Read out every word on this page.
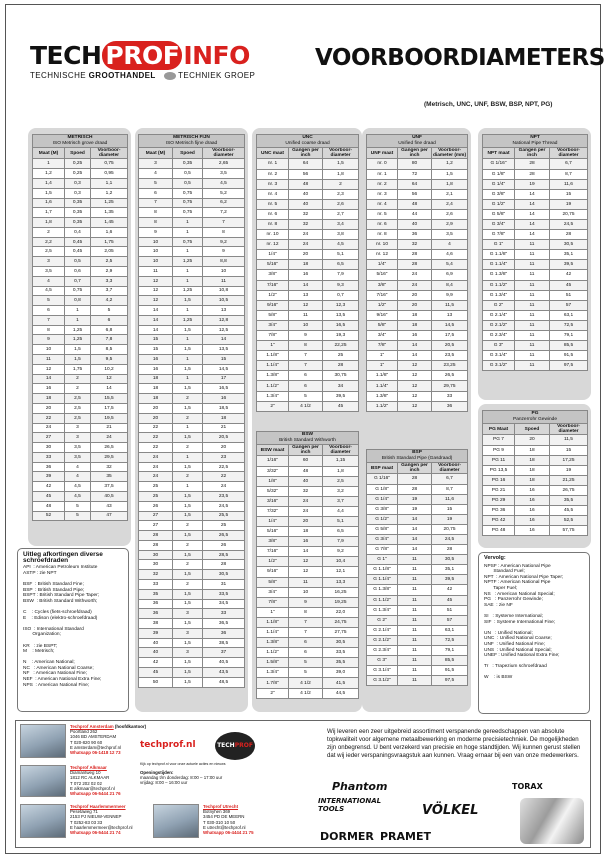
TECH PROF INFO
TECHNISCHE GROOTHANDEL	TECHNIEK GROEP
VOORBOORDIAMETERS
(Metrisch, UNC, UNF, BSW, BSP, NPT, PG)
METRISCH
ISO Metrisch grove draad		

Maat (M)	Spoed	Voorboor-diameter
1	0,25	0,75
1,2	0,25	0,95
1,4	0,3	1,1
1,5	0,3	1,2
1,6	0,35	1,25
1,7	0,35	1,35
1,8	0,35	1,45
2	0,4	1,6
2,2	0,45	1,75
2,5	0,45	2,05
3	0,5	2,5
3,5	0,6	2,9
4	0,7	3,3
4,5	0,75	3,7
5	0,8	4,2
6	1	5
7	1	6
8	1,25	6,8
9	1,25	7,8
10	1,5	8,5
11	1,5	9,5
12	1,75	10,2
14	2	12
16	2	14
18	2,5	15,5
20	2,5	17,5
22	2,5	19,5
24	3	21
27	3	24
30	3,5	26,5
33	3,5	29,5
36	4	32
39	4	35
42	4,5	37,5
45	4,5	40,5
48	5	43
52	5	47
METRISCH FIJN
ISO Metrisch fijne draad		

Maat (M)	Spoed	Voorboor-diameter
3	0,35	2,65
4	0,5	3,5
5	0,5	4,5
6	0,75	5,2
7	0,75	6,2
8	0,75	7,2
8	1	7
9	1	8
10	0,75	9,2
10	1	9
10	1,25	8,8
11	1	10
12	1	11
12	1,25	10,8
12	1,5	10,5
14	1	13
14	1,25	12,8
14	1,5	12,5
15	1	14
15	1,5	13,5
16	1	15
16	1,5	14,5
18	1	17
18	1,5	16,5
18	2	16
20	1,5	18,5
20	2	18
22	1	21
22	1,5	20,5
22	2	20
24	1	23
24	1,5	22,5
24	2	22
25	1	24
25	1,5	23,5
26	1,5	24,5
27	1,5	25,5
27	2	25
28	1,5	26,5
28	2	26
30	1,5	28,5
30	2	28
32	1,5	30,5
33	2	31
35	1,5	33,5
36	1,5	34,5
36	3	33
38	1,5	36,5
39	3	36
40	1,5	38,5
40	3	37
42	1,5	40,5
45	1,5	43,5
50	1,5	48,5
UNC
Unified coarse draad		

UNC maat	Gangen per inch	Voorboor-diameter
nr. 1	64	1,5
nr. 2	56	1,8
nr. 3	48	2
nr. 4	40	2,3
nr. 5	40	2,6
nr. 6	32	2,7
nr. 8	32	3,4
nr. 10	24	3,8
nr. 12	24	4,5
1/4"	20	5,1
5/16"	18	6,5
3/8"	16	7,9
7/16"	14	9,3
1/2"	13	0,7
9/16"	12	12,3
5/8"	11	13,5
3/4"	10	16,5
7/8"	9	19,3
1"	8	22,25
1.1/8"	7	25
1.1/4"	7	28
1.3/8"	6	30,75
1.1/2"	6	34
1.3/4"	5	39,5
2"	4 1/2	45
UNF
Unified fine draad		

UNF maat	Gangen per inch	Voorboor-diameter (mm)
nr. 0	80	1,2
nr. 1	72	1,5
nr. 2	64	1,8
nr. 3	56	2,1
nr. 4	48	2,4
nr. 5	44	2,6
nr. 6	40	2,9
nr. 8	36	3,5
nr. 10	32	4
nr. 12	28	4,6
1/4"	28	5,4
5/16"	24	6,9
3/8"	24	8,4
7/16"	20	9,9
1/2"	20	11,5
9/16"	18	13
5/8"	18	14,5
3/4"	16	17,5
7/8"	14	20,5
1"	14	23,5
1"	12	23,25
1.1/8"	12	26,5
1.1/4"	12	29,75
1.3/8"	12	33
1.1/2"	12	36
NPT
National Pipe Thread		

NPT maat	Gangen per inch	Voorboor-diameter
G 1/16"	28	6,7
G 1/8"	28	8,7
G 1/4"	19	11,6
G 3/8"	14	15
G 1/2"	14	19
G 5/8"	14	20,75
G 3/4"	14	24,5
G 7/8"	14	28
G 1"	11	30,5
G 1.1/8"	11	35,1
G 1.1/4"	11	39,5
G 1.3/8"	11	42
G 1.1/2"	11	45
G 1.3/4"	11	51
G 2"	11	57
G 2.1/4"	11	63,1
G 2.1/2"	11	72,5
G 2.3/4"	11	79,1
G 3"	11	85,5
G 3.1/4"	11	91,5
G 3.1/2"	11	97,5
PG
Panzerrohr Gewinde		

PG Maat	Spoed	Voorboor-diameter
PG 7	20	11,5
PG 9	18	15
PG 11	18	17,25
PG 13,5	18	19
PG 16	18	21,25
PG 21	16	26,75
PG 29	16	35,5
PG 36	16	45,5
PG 42	16	52,5
PG 48	16	57,75
BSW
British Standard Withworth		

BSW maat	Gangen per inch	Voorboor-diameter
1/16"	60	1,15
3/32"	48	1,8
1/8"	40	2,5
5/32"	32	3,2
3/16"	24	3,7
7/32"	24	4,4
1/4"	20	5,1
5/16"	18	6,5
3/8"	16	7,9
7/16"	14	9,2
1/2"	12	10,4
9/16"	12	12,1
5/8"	11	13,3
3/4"	10	16,25
7/8"	9	19,25
1"	8	22,0
1.1/8"	7	24,75
1.1/4"	7	27,75
1.3/8"	6	30,5
1.1/2"	6	33,5
1.5/8"	5	35,5
1.3/4"	5	39,0
1.7/8"	4 1/2	41,5
2"	4 1/2	44,5
BSP
British Standard Pipe (Gasdraad)		

BSP maat	Gangen per inch	Voorboor-diameter
G 1/16"	28	6,7
G 1/8"	28	8,7
G 1/4"	19	11,6
G 3/8"	19	15
G 1/2"	14	19
G 5/8"	14	20,75
G 3/4"	14	24,5
G 7/8"	14	28
G 1"	11	30,5
G 1.1/8"	11	35,1
G 1.1/4"	11	39,5
G 1.3/8"	11	42
G 1.1/2"	11	45
G 1.3/4"	11	51
G 2"	11	57
G 2.1/4"	11	63,1
G 2.1/2"	11	72,5
G 2.3/4"	11	79,1
G 3"	11	85,5
G 3.1/4"	11	91,5
G 3.1/2"	11	97,5
Uitleg afkortingen diverse schroefdraden
API  : American Petroleum Institute
ASTP : zie NPT
BSF  : British Standard Fine;
BSP  : British Standard Pipe;
BSPT : British Standard Pipe Taper;
BSW  : British Standard Withworth;
C    : Cycles (fiets-schroefdraad)
E    : Edison (elektro-schroefdraad)
ISO  : International Standard
Organization;
KR   : zie BSPT;
M    : Metrisch;
N    : American National;
NC   : American National Coarse;
NF   : American National Fine;
NEF  : American National Extra Fine;
NPS  : American National Fine;
Vervolg:
NPSF : American National Pipe
Standard Fuel;
NPT  : American National Pipe Taper;
NPTF : American National Pipe
Taper Fuel;
NS   : American National Special;
PG   : Panzerrohr Gewinde;
SAE  : zie NF
SI   : Systeme International;
SIF  : Systeme International Fine;
UN   : Unified National;
UNC  : Unified National Coarse;
UNF  : Unified National Fine;
UNS  : Unified National Special;
UNEF : Unified National Extra Fine;
Tr   : Trapezium schroefdraad
W    : is BSW
Techprof Amsterdam (hoofdkantoor)
Poortland 262
1046 BD AMSTERDAM
T 020-820 90 60
E amsterdam@techprof.nl
Whatsapp 06-1418 12 73
Techprof Alkmaar
Diamantweg 10
1812 RC ALKMAAR
T 072 202 02 02
E alkmaar@techprof.nl
Whatsapp 06-5444 21 76
Techprof Haarlemmermeer
Pesetaweg 71
2153 PJ NIEUW-VENNEP
T 0252-83 03 33
E haarlemmermeer@techprof.nl
Whatsapp 06-5444 21 74
Techprof Utrecht
Botnyhen 369
3454 PD DE MEERN
T 030-310 10 50
E utrecht@techprof.nl
Whatsapp 06-4444 21 75
techprof.nl	TECHPROF
Kijk op techprof.nl voor onze actuele acties en nieuws
Openingstijden:
maandag t/m donderdag: 8:00 – 17:00 uur
vrijdag: 8:00 – 16:00 uur
Wij leveren een zeer uitgebreid assortiment verspanende gereedschappen van absolute topkwaliteit voor algemene metaalbewerking en moderne precisietechniek. De mogelijkheden zijn onbegrensd. U bent verzekerd van precisie en hoge standtijden. Wij kunnen gerust stellen dat wij ieder verspaningsvraagstuk aan kunnen. Vraag ernaar bij een van onze medewerkers.
Phantom	TORAX
INTERNATIONAL TOOLS	VÖLKEL
DORMER PRAMET
